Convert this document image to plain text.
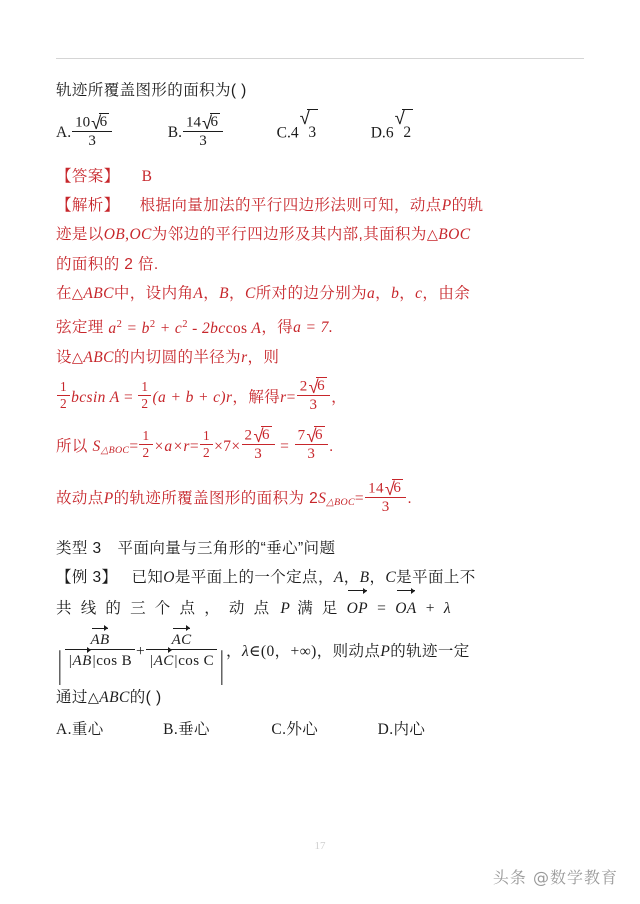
轨迹所覆盖图形的面积为( )
A. 10 √
6
3	B. 14 √
6
3	C.4
√
3	D.6
√
2
【答案】 B
【解析】 根据向量加法的平行四边形法则可知，动点P的轨
迹是以OB,OC为邻边的平行四边形及其内部,其面积为△BOC
的面积的 2 倍.
在△ABC中，设内角A，B，C所对的边分别为a，b，c，由余
弦定理 $a^2 = b^2 + c^2 - 2bccos$ A，得a = 7.
设△ABC的内切圆的半径为r，则
$\frac{1}{2}$ bcsin $A = \frac{1}{2} (a + b + c)r$，解得r= 2 √
6
3 ，
所以 S△BOC= $\frac{1}{2} \times a\times r= \frac{1}{2} \times 7\times 2$ √
6
3 = 7 √
6
3 .
故动点P的轨迹所覆盖图形的面积为 2S△BOC= 14 √
6
3 .
类型 3 平面向量与三角形的“垂心”问题
【例 3】 已知O是平面上的一个定点，A，B，C是平面上不
共线的三个点，动点 P 满足
OP = OA + λ
| $\frac{AB}{\text{|AB|cos B}} + \frac{AC}{\text{|AC|cos C}}$ | ，λ∈(0，+∞)，则动点P的轨迹一定
通过△ABC的( )
A.重心	B.垂心	C.外心	D.内心
17
头条 @数学教育
